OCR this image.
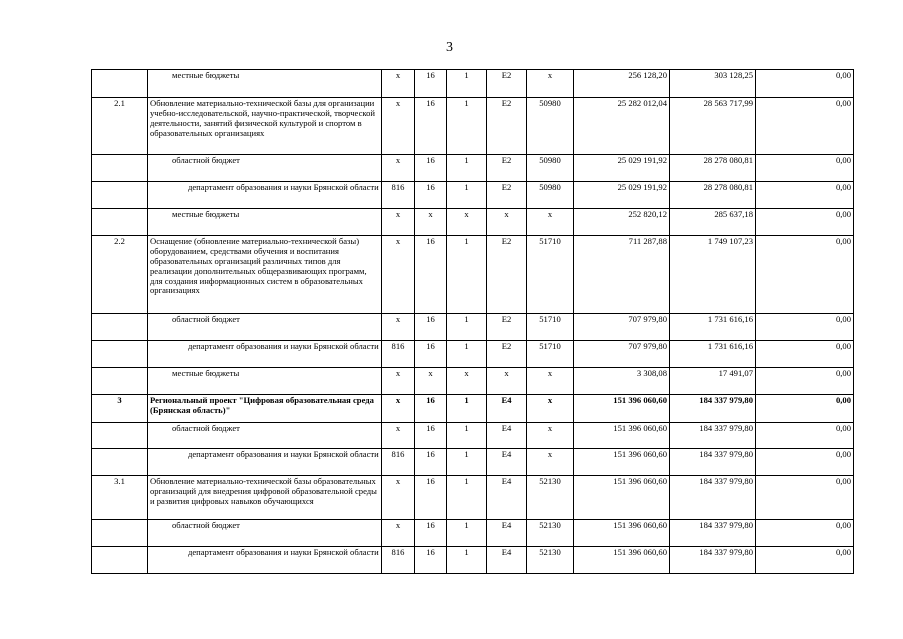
3
	местные бюджеты	х	16	1	Е2	х	256 128,20	303 128,25	0,00
2.1	Обновление материально-технической базы для организации учебно-исследовательской, научно-практической, творческой деятельности, занятий физической культурой и спортом в образовательных организациях	х	16	1	Е2	50980	25 282 012,04	28 563 717,99	0,00
	областной бюджет	х	16	1	Е2	50980	25 029 191,92	28 278 080,81	0,00
	департамент образования и науки Брянской области	816	16	1	Е2	50980	25 029 191,92	28 278 080,81	0,00
	местные бюджеты	х	х	х	х	х	252 820,12	285 637,18	0,00
2.2	Оснащение (обновление материально-технической базы) оборудованием, средствами обучения и воспитания образовательных организаций различных типов для реализации дополнительных общеразвивающих программ, для создания информационных систем в образовательных организациях	х	16	1	Е2	51710	711 287,88	1 749 107,23	0,00
	областной бюджет	х	16	1	Е2	51710	707 979,80	1 731 616,16	0,00
	департамент образования и науки Брянской области	816	16	1	Е2	51710	707 979,80	1 731 616,16	0,00
	местные бюджеты	х	х	х	х	х	3 308,08	17 491,07	0,00
3	Региональный проект "Цифровая образовательная среда (Брянская область)"	х	16	1	Е4	х	151 396 060,60	184 337 979,80	0,00
	областной бюджет	х	16	1	Е4	х	151 396 060,60	184 337 979,80	0,00
	департамент образования и науки Брянской области	816	16	1	Е4	х	151 396 060,60	184 337 979,80	0,00
3.1	Обновление материально-технической базы образовательных организаций для внедрения цифровой образовательной среды и развития цифровых навыков обучающихся	х	16	1	Е4	52130	151 396 060,60	184 337 979,80	0,00
	областной бюджет	х	16	1	Е4	52130	151 396 060,60	184 337 979,80	0,00
	департамент образования и науки Брянской области	816	16	1	Е4	52130	151 396 060,60	184 337 979,80	0,00
